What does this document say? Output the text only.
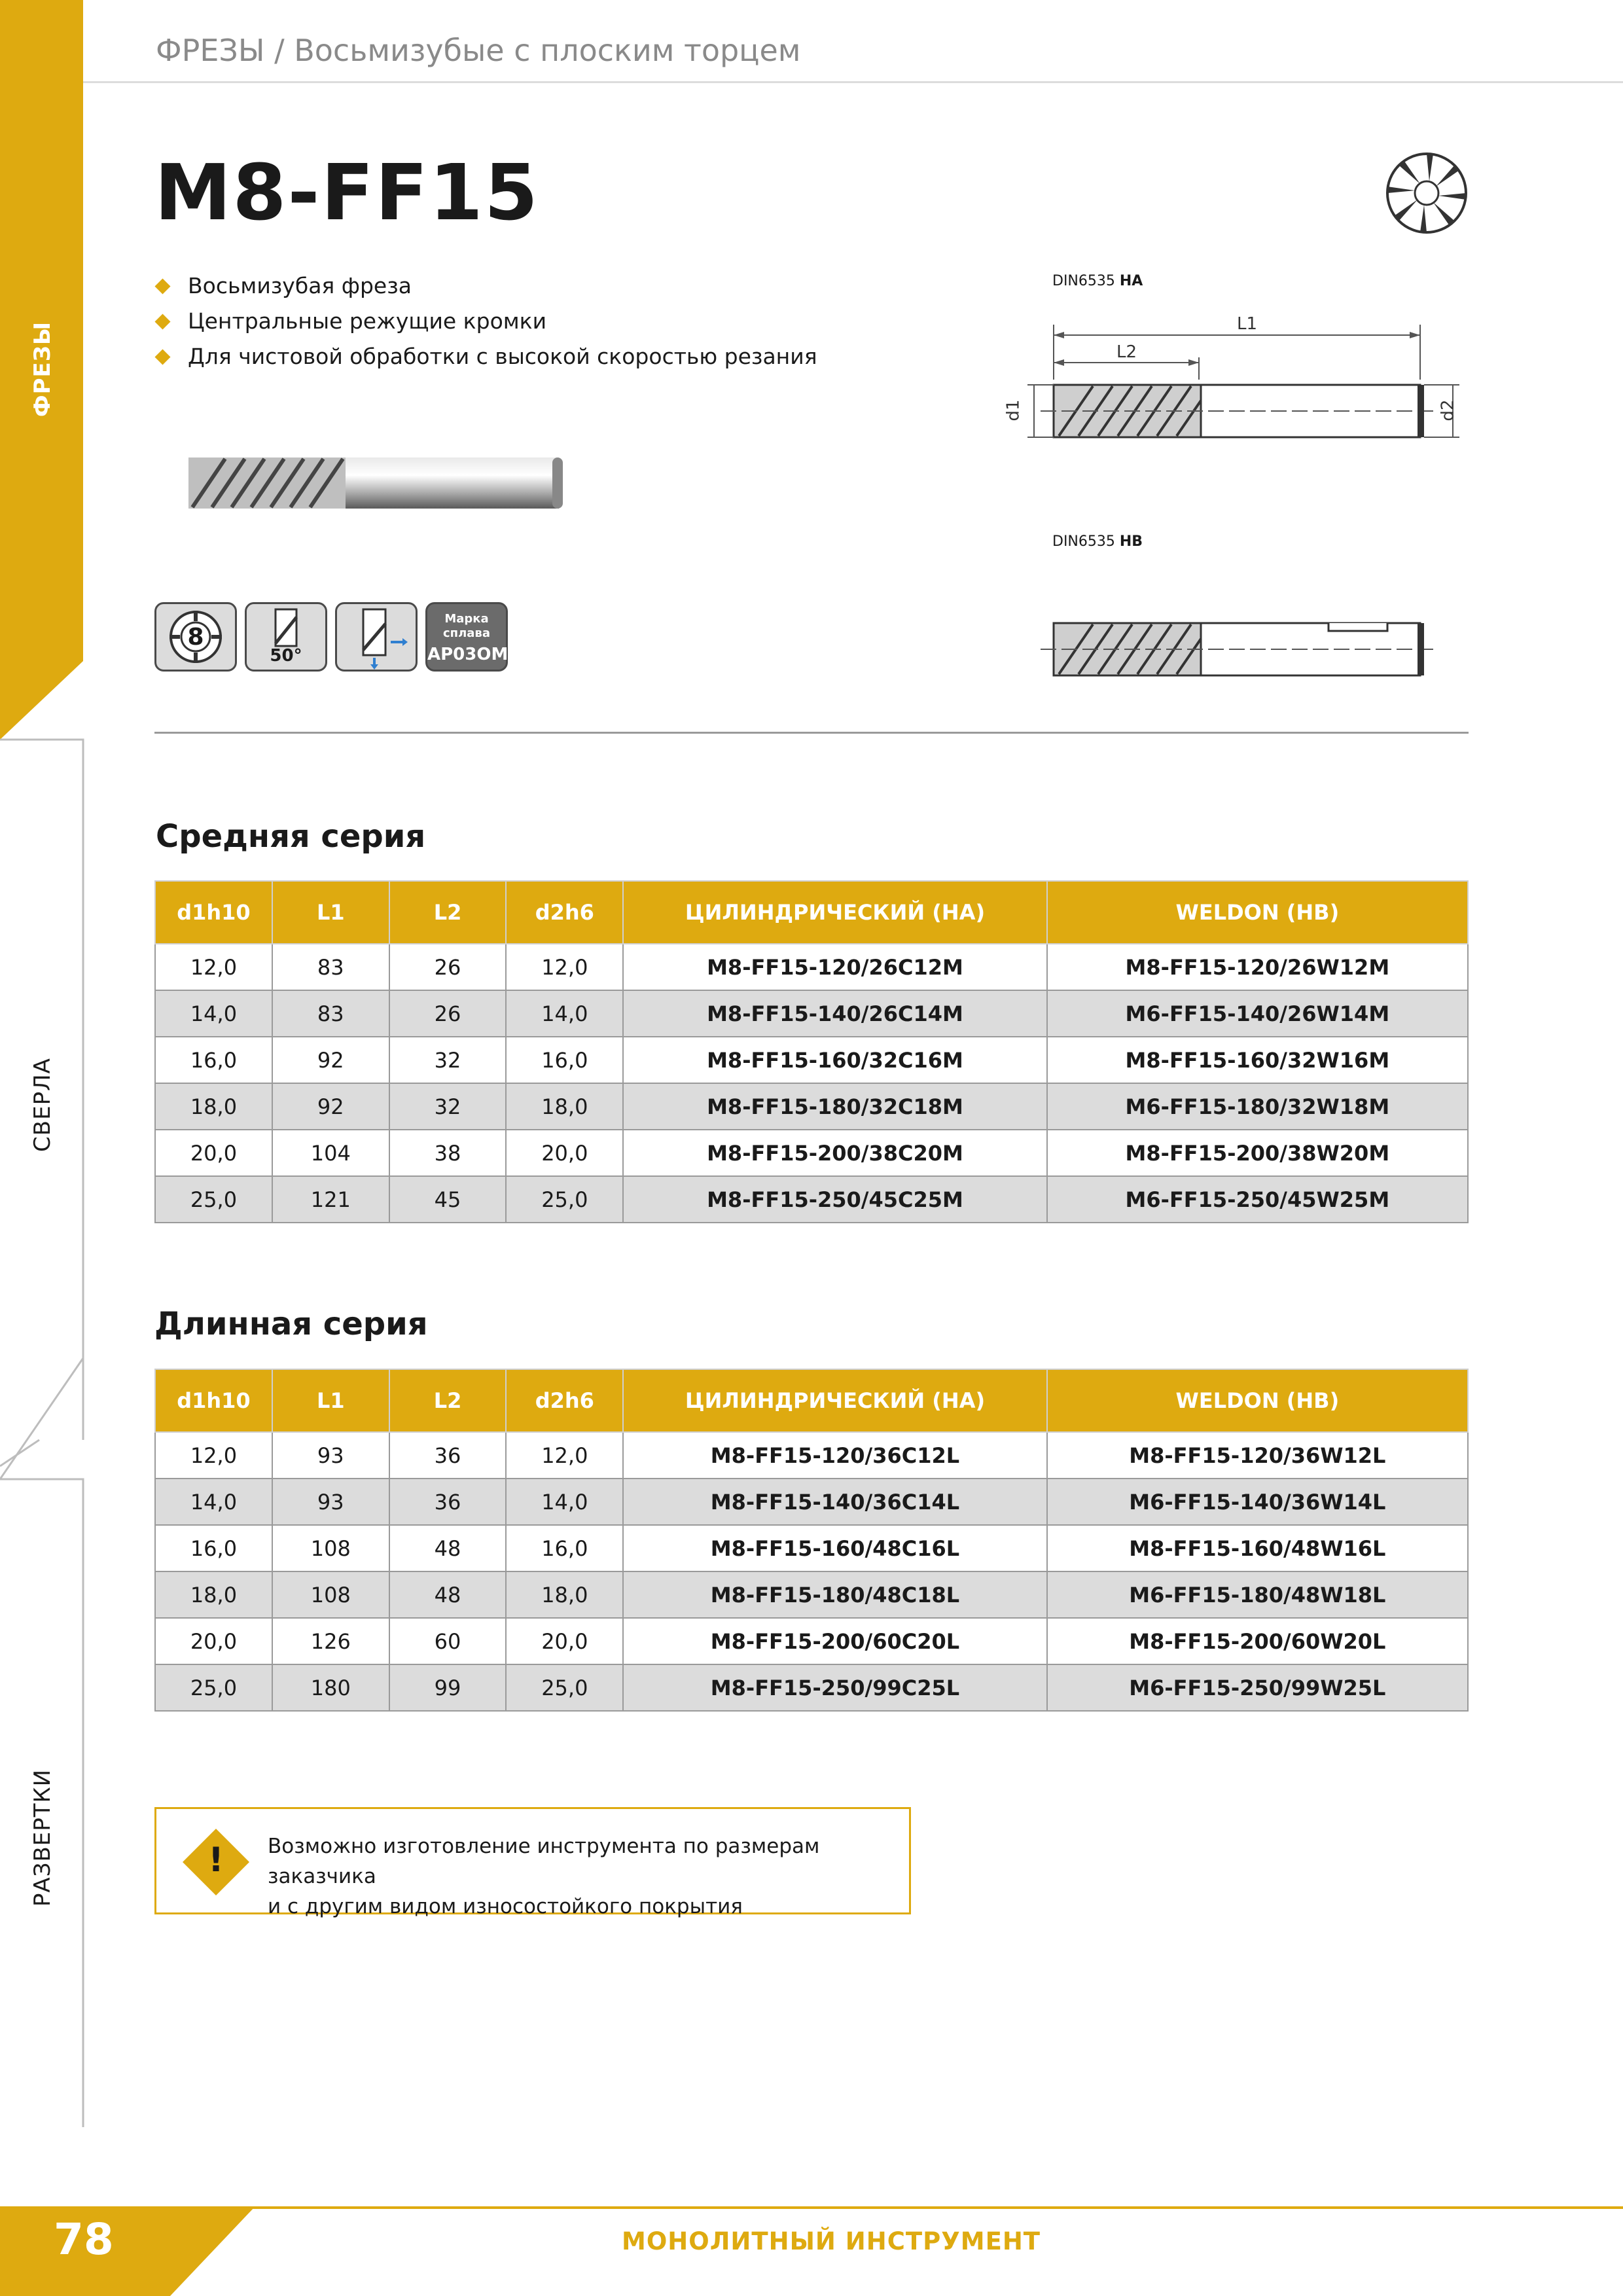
ФРЕЗЫ
СВЕРЛА
РАЗВЕРТКИ
ФРЕЗЫ / Восьмизубые с плоским торцем
M8-FF15
Восьмизубая фреза
Центральные режущие кромки
Для чистовой обработки с высокой скоростью резания
8
50°
Марка сплава
AP03OM
DIN6535 HA
L1
L2
d1	d2
DIN6535 HB
Средняя серия
d1h10	L1	L2	d2h6	ЦИЛИНДРИЧЕСКИЙ (HA)	WELDON (HB)
12,0	83	26	12,0	M8-FF15-120/26C12M	M8-FF15-120/26W12M
14,0	83	26	14,0	M8-FF15-140/26C14M	M6-FF15-140/26W14M
16,0	92	32	16,0	M8-FF15-160/32C16M	M8-FF15-160/32W16M
18,0	92	32	18,0	M8-FF15-180/32C18M	M6-FF15-180/32W18M
20,0	104	38	20,0	M8-FF15-200/38C20M	M8-FF15-200/38W20M
25,0	121	45	25,0	M8-FF15-250/45C25M	M6-FF15-250/45W25M
Длинная серия
d1h10	L1	L2	d2h6	ЦИЛИНДРИЧЕСКИЙ (HA)	WELDON (HB)
12,0	93	36	12,0	M8-FF15-120/36C12L	M8-FF15-120/36W12L
14,0	93	36	14,0	M8-FF15-140/36C14L	M6-FF15-140/36W14L
16,0	108	48	16,0	M8-FF15-160/48C16L	M8-FF15-160/48W16L
18,0	108	48	18,0	M8-FF15-180/48C18L	M6-FF15-180/48W18L
20,0	126	60	20,0	M8-FF15-200/60C20L	M8-FF15-200/60W20L
25,0	180	99	25,0	M8-FF15-250/99C25L	M6-FF15-250/99W25L
!	Возможно изготовление инструмента по размерам заказчика
и с другим видом износостойкого покрытия
78	МОНОЛИТНЫЙ ИНСТРУМЕНТ
